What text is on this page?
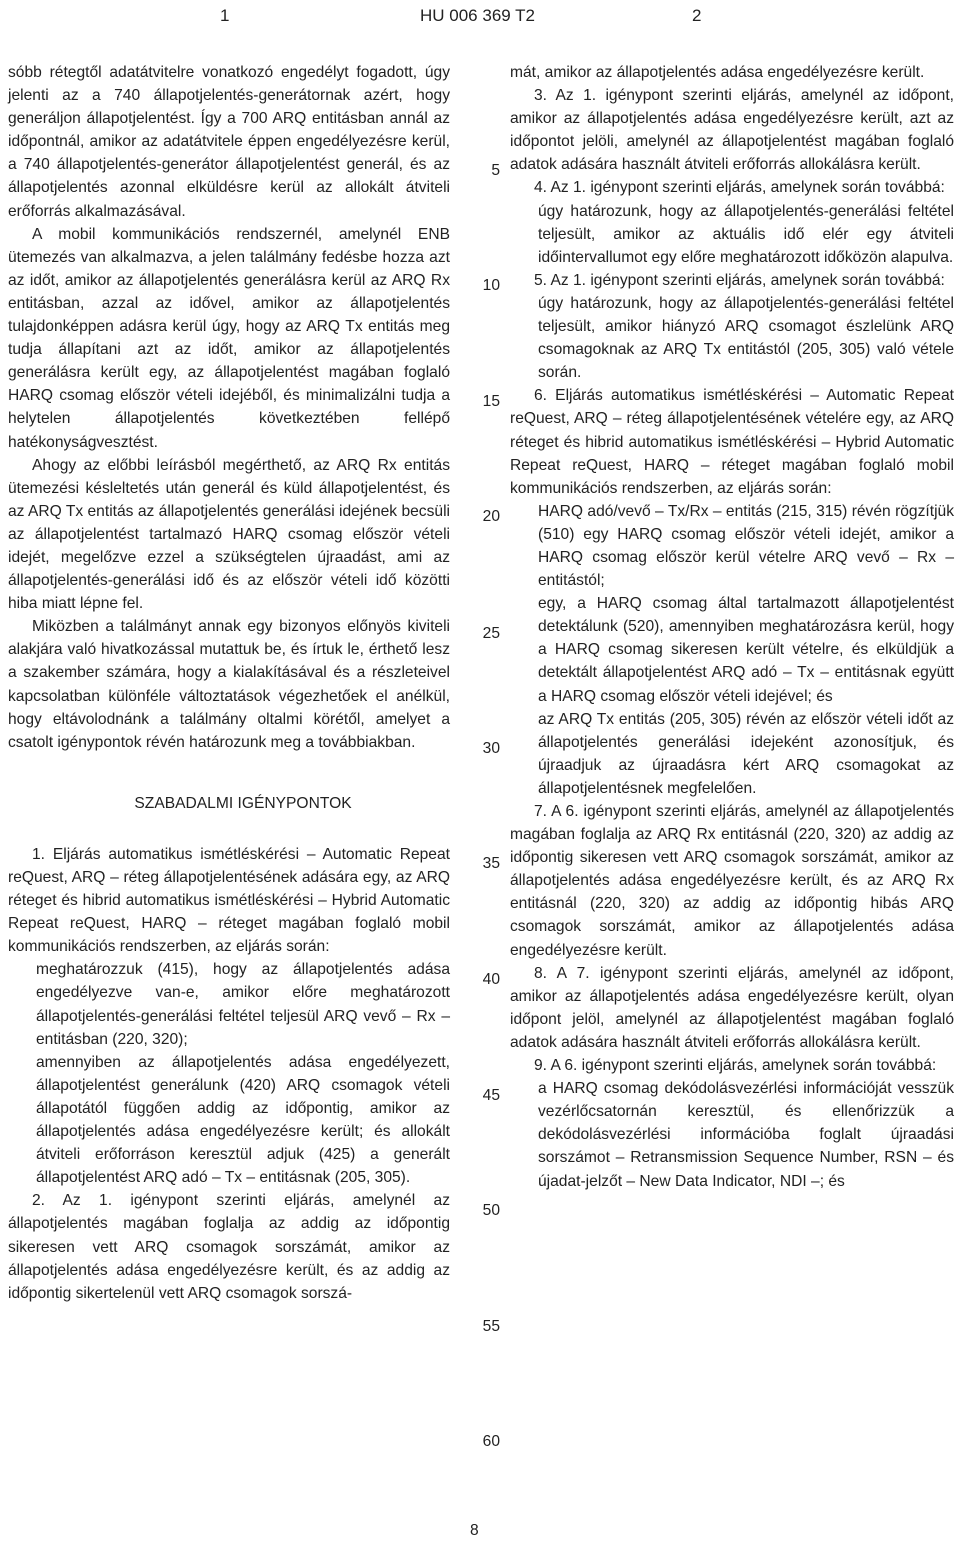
1	HU 006 369 T2	2

sóbb rétegtől adatátvitelre vonatkozó engedélyt fogadott, úgy jelenti az a 740 állapotjelentés-generátornak azért, hogy generáljon állapotjelentést. Így a 700 ARQ entitásban annál az időpontnál, amikor az adatátvitele éppen engedélyezésre kerül, a 740 állapotjelentés-generátor állapotjelentést generál, és az állapotjelentés azonnal elküldésre kerül az allokált átviteli erőforrás alkalmazásával.

A mobil kommunikációs rendszernél, amelynél ENB ütemezés van alkalmazva, a jelen találmány fedésbe hozza azt az időt, amikor az állapotjelentés generálásra kerül az ARQ Rx entitásban, azzal az idővel, amikor az állapotjelentés tulajdonképpen adásra kerül úgy, hogy az ARQ Tx entitás meg tudja állapítani azt az időt, amikor az állapotjelentés generálásra került egy, az állapotjelentést magában foglaló HARQ csomag először vételi idejéből, és minimalizálni tudja a helytelen állapotjelentés következtében fellépő hatékonyságvesztést.

Ahogy az előbbi leírásból megérthető, az ARQ Rx entitás ütemezési késleltetés után generál és küld állapotjelentést, és az ARQ Tx entitás az állapotjelentés generálási idejének becsüli az állapotjelentést tartalmazó HARQ csomag először vételi idejét, megelőzve ezzel a szükségtelen újraadást, ami az állapotjelentés-generálási idő és az először vételi idő közötti hiba miatt lépne fel.

Miközben a találmányt annak egy bizonyos előnyös kiviteli alakjára való hivatkozással mutattuk be, és írtuk le, érthető lesz a szakember számára, hogy a kialakításával és a részleteivel kapcsolatban különféle változtatások végezhetőek el anélkül, hogy eltávolodnánk a találmány oltalmi körétől, amelyet a csatolt igénypontok révén határozunk meg a továbbiakban.

SZABADALMI IGÉNYPONTOK

1. Eljárás automatikus ismétléskérési – Automatic Repeat reQuest, ARQ – réteg állapotjelentésének adására egy, az ARQ réteget és hibrid automatikus ismétléskérési – Hybrid Automatic Repeat reQuest, HARQ – réteget magában foglaló mobil kommunikációs rendszerben, az eljárás során:

meghatározzuk (415), hogy az állapotjelentés adása engedélyezve van-e, amikor előre meghatározott állapotjelentés-generálási feltétel teljesül ARQ vevő – Rx – entitásban (220, 320);

amennyiben az állapotjelentés adása engedélyezett, állapotjelentést generálunk (420) ARQ csomagok vételi állapotától függően addig az időpontig, amikor az állapotjelentés adása engedélyezésre került; és allokált átviteli erőforráson keresztül adjuk (425) a generált állapotjelentést ARQ adó – Tx – entitásnak (205, 305).

2. Az 1. igénypont szerinti eljárás, amelynél az állapotjelentés magában foglalja az addig az időpontig sikeresen vett ARQ csomagok sorszámát, amikor az állapotjelentés adása engedélyezésre került, és az addig az időpontig sikertelenül vett ARQ csomagok sorszá-

5
10
15
20
25
30
35
40
45
50
55
60

mát, amikor az állapotjelentés adása engedélyezésre került.

3. Az 1. igénypont szerinti eljárás, amelynél az időpont, amikor az állapotjelentés adása engedélyezésre került, azt az időpontot jelöli, amelynél az állapotjelentést magában foglaló adatok adására használt átviteli erőforrás allokálásra került.

4. Az 1. igénypont szerinti eljárás, amelynek során továbbá:

úgy határozunk, hogy az állapotjelentés-generálási feltétel teljesült, amikor az aktuális idő elér egy átviteli időintervallumot egy előre meghatározott időközön alapulva.

5. Az 1. igénypont szerinti eljárás, amelynek során továbbá:

úgy határozunk, hogy az állapotjelentés-generálási feltétel teljesült, amikor hiányzó ARQ csomagot észlelünk ARQ csomagoknak az ARQ Tx entitástól (205, 305) való vétele során.

6. Eljárás automatikus ismétléskérési – Automatic Repeat reQuest, ARQ – réteg állapotjelentésének vételére egy, az ARQ réteget és hibrid automatikus ismétléskérési – Hybrid Automatic Repeat reQuest, HARQ – réteget magában foglaló mobil kommunikációs rendszerben, az eljárás során:

HARQ adó/vevő – Tx/Rx – entitás (215, 315) révén rögzítjük (510) egy HARQ csomag először vételi idejét, amikor a HARQ csomag először kerül vételre ARQ vevő – Rx – entitástól;

egy, a HARQ csomag által tartalmazott állapotjelentést detektálunk (520), amennyiben meghatározásra kerül, hogy a HARQ csomag sikeresen került vételre, és elküldjük a detektált állapotjelentést ARQ adó – Tx – entitásnak együtt a HARQ csomag először vételi idejével; és

az ARQ Tx entitás (205, 305) révén az először vételi időt az állapotjelentés generálási idejeként azonosítjuk, és újraadjuk az újraadásra kért ARQ csomagokat az állapotjelentésnek megfelelően.

7. A 6. igénypont szerinti eljárás, amelynél az állapotjelentés magában foglalja az ARQ Rx entitásnál (220, 320) az addig az időpontig sikeresen vett ARQ csomagok sorszámát, amikor az állapotjelentés adása engedélyezésre került, és az ARQ Rx entitásnál (220, 320) az addig az időpontig hibás ARQ csomagok sorszámát, amikor az állapotjelentés adása engedélyezésre került.

8. A 7. igénypont szerinti eljárás, amelynél az időpont, amikor az állapotjelentés adása engedélyezésre került, olyan időpont jelöl, amelynél az állapotjelentést magában foglaló adatok adására használt átviteli erőforrás allokálásra került.

9. A 6. igénypont szerinti eljárás, amelynek során továbbá:

a HARQ csomag dekódolásvezérlési információját vesszük vezérlőcsatornán keresztül, és ellenőrizzük a dekódolásvezérlési információba foglalt újraadási sorszámot – Retransmission Sequence Number, RSN – és újadat-jelzőt – New Data Indicator, NDI –; és

8
